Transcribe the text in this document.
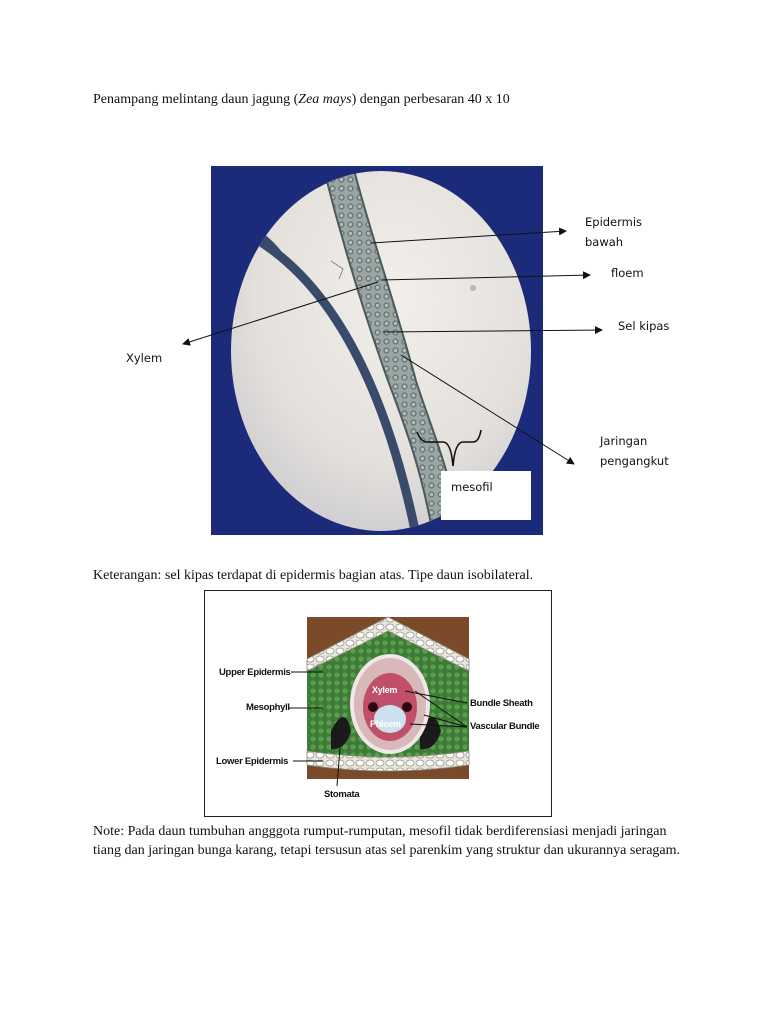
Penampang melintang daun jagung (Zea mays) dengan perbesaran 40 x 10
Epidermis
bawah
floem
Sel kipas
Xylem
Jaringan
pengangkut
mesofil
Keterangan: sel kipas terdapat di epidermis bagian atas. Tipe daun isobilateral.
Upper Epidermis
Mesophyll
Lower Epidermis
Stomata
Xylem
Phloem
Bundle Sheath
Vascular Bundle
Note: Pada daun tumbuhan angggota rumput-rumputan, mesofil tidak berdiferensiasi menjadi jaringan tiang dan jaringan bunga karang, tetapi tersusun atas sel parenkim yang struktur dan ukurannya seragam.
